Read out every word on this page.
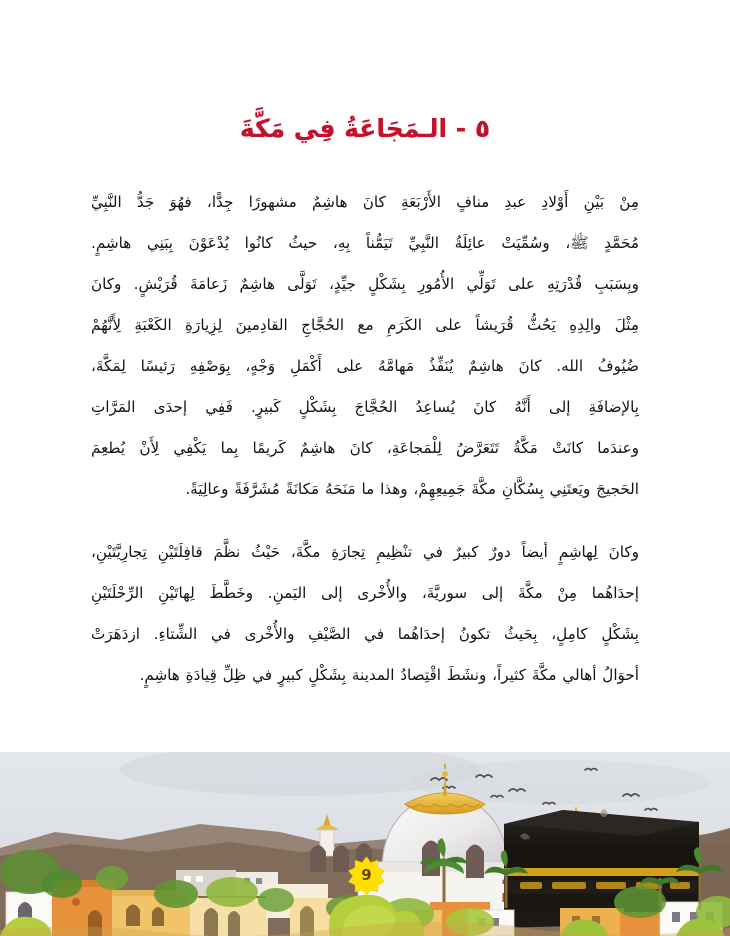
٥ - الـمَجَاعَةُ فِي مَكَّةَ

مِنْ بَيْنِ أَوْلادِ عبدِ منافٍ الأَرْبَعَةِ كانَ هاشِمٌ مشهورًا جِدًّا، فهُوَ جَدُّ النَّبِيِّ
مُحَمَّدٍ ﷺ، وسُمِّيَتْ عائِلَةُ النَّبِيِّ تَيَمُّناً بِهِ، حيثُ كانُوا يُدْعَوْنَ بِبَنِي هاشِمٍ.
وبِسَبَبِ قُدْرَتِهِ على تَوَلِّي الأُمُورِ بِشَكْلٍ جيِّدٍ، تَوَلَّى هاشِمٌ زَعامَةَ قُرَيْشٍ. وكانَ
مِثْلَ والِدِهِ يَحُثُّ قُرَيشاً على الكَرَمِ مع الحُجَّاجِ القادِمينَ لِزِيارَةِ الكَعْبَةِ لِأَنَّهُمْ
ضُيُوفُ الله. كانَ هاشِمٌ يُنَفِّذُ مَهامَّهُ على أَكْمَلِ وَجْهٍ، بِوَصْفِهِ رَئيسًا لِمَكَّةَ،
بِالإضافَةِ إلى أَنَّهُ كانَ يُساعِدُ الحُجَّاجَ بِشَكْلٍ كَبيرٍ. فَفِي إحدَى المَرَّاتِ
وعندَما كانَتْ مَكَّةُ تَتَعَرَّضُ لِلْمَجاعَةِ، كانَ هاشِمٌ كَريمًا بِما يَكْفِي لِأَنْ يُطعِمَ
الحَجيجَ ويَعتَنِي بِسُكَّانِ مكَّةَ جَمِيعِهِمْ، وهذا ما مَنَحَهُ مَكانَةً مُشَرَّفَةً وعالِيَةً.

وكانَ لِهاشِمٍ أيضاً دورٌ كبيرٌ في تنْظِيمِ تِجارَةِ مكَّةَ، حَيْثُ نظَّمَ قافِلَتَيْنِ تِجارِيَّتَيْنِ،
إحدَاهُما مِنْ مكَّةَ إلى سوريَّةَ، والأُخْرى إلى اليَمنِ. وخَطَّطَ لِهاتَيْنِ الرِّحْلَتَيْنِ
بِشَكْلٍ كامِلٍ، بِحَيثُ تكونُ إحدَاهُما في الصَّيْفِ والأُخْرى في الشِّتاءِ. ازدَهَرَتْ
أحوَالُ أهالي مكَّةَ كثيراً، ونشَطَ اقْتِصادُ المدينة بِشَكْلٍ كبيرٍ في ظِلِّ قِيادَةِ هاشِمٍ.

9
